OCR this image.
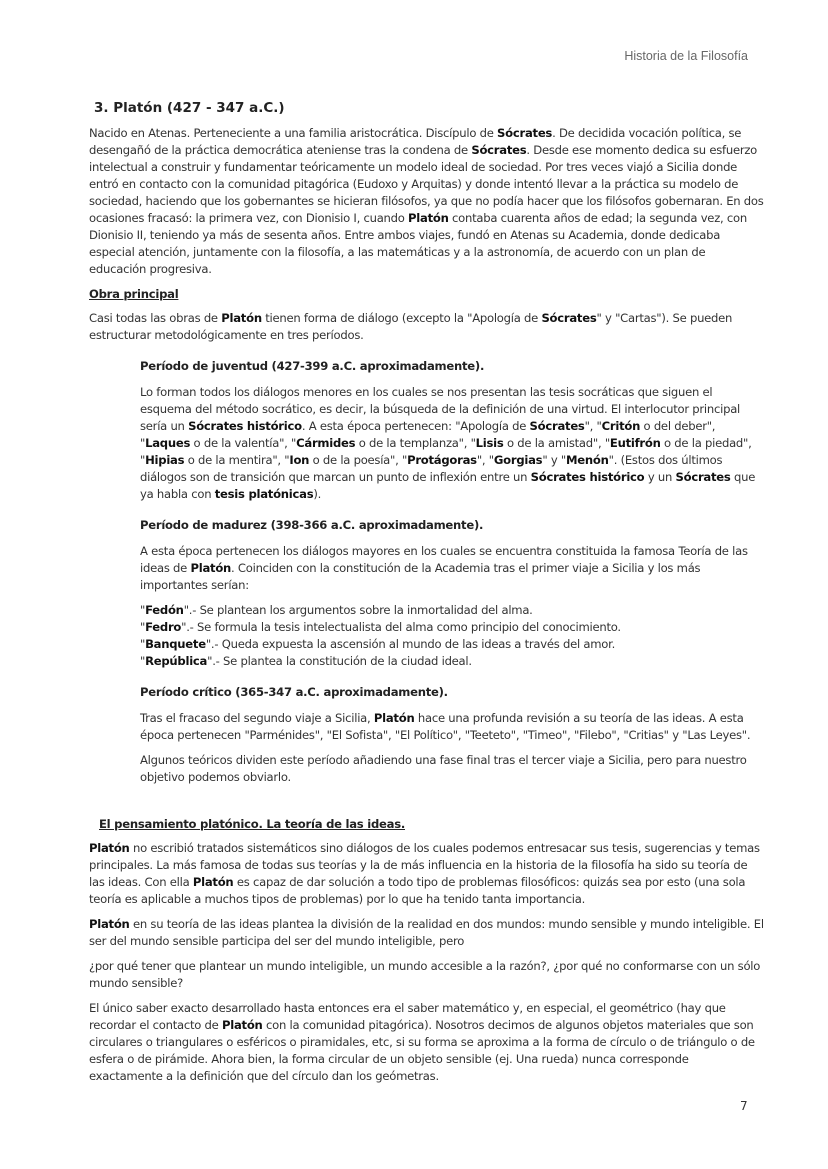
Historia de la Filosofía
3. Platón (427 - 347 a.C.)

Nacido en Atenas. Perteneciente a una familia aristocrática. Discípulo de Sócrates. De decidida vocación política, se desengañó de la práctica democrática ateniense tras la condena de Sócrates. Desde ese momento dedica su esfuerzo intelectual a construir y fundamentar teóricamente un modelo ideal de sociedad. Por tres veces viajó a Sicilia donde entró en contacto con la comunidad pitagórica (Eudoxo y Arquitas) y donde intentó llevar a la práctica su modelo de sociedad, haciendo que los gobernantes se hicieran filósofos, ya que no podía hacer que los filósofos gobernaran. En dos ocasiones fracasó: la primera vez, con Dionisio I, cuando Platón contaba cuarenta años de edad; la segunda vez, con Dionisio II, teniendo ya más de sesenta años. Entre ambos viajes, fundó en Atenas su Academia, donde dedicaba especial atención, juntamente con la filosofía, a las matemáticas y a la astronomía, de acuerdo con un plan de educación progresiva.

Obra principal

Casi todas las obras de Platón tienen forma de diálogo (excepto la "Apología de Sócrates" y "Cartas"). Se pueden estructurar metodológicamente en tres períodos.

Período de juventud (427-399 a.C. aproximadamente).

Lo forman todos los diálogos menores en los cuales se nos presentan las tesis socráticas que siguen el esquema del método socrático, es decir, la búsqueda de la definición de una virtud. El interlocutor principal sería un Sócrates histórico. A esta época pertenecen: "Apología de Sócrates", "Critón o del deber", "Laques o de la valentía", "Cármides o de la templanza", "Lisis o de la amistad", "Eutifrón o de la piedad", "Hipias o de la mentira", "Ion o de la poesía", "Protágoras", "Gorgias" y "Menón". (Estos dos últimos diálogos son de transición que marcan un punto de inflexión entre un Sócrates histórico y un Sócrates que ya habla con tesis platónicas).

Período de madurez (398-366 a.C. aproximadamente).

A esta época pertenecen los diálogos mayores en los cuales se encuentra constituida la famosa Teoría de las ideas de Platón. Coinciden con la constitución de la Academia tras el primer viaje a Sicilia y los más importantes serían:

"Fedón".- Se plantean los argumentos sobre la inmortalidad del alma.

"Fedro".- Se formula la tesis intelectualista del alma como principio del conocimiento.

"Banquete".- Queda expuesta la ascensión al mundo de las ideas a través del amor.

"República".- Se plantea la constitución de la ciudad ideal.

Período crítico (365-347 a.C. aproximadamente).

Tras el fracaso del segundo viaje a Sicilia, Platón hace una profunda revisión a su teoría de las ideas. A esta época pertenecen "Parménides", "El Sofista", "El Político", "Teeteto", "Timeo", "Filebo", "Critias" y "Las Leyes".

Algunos teóricos dividen este período añadiendo una fase final tras el tercer viaje a Sicilia, pero para nuestro objetivo podemos obviarlo.

El pensamiento platónico. La teoría de las ideas.

Platón no escribió tratados sistemáticos sino diálogos de los cuales podemos entresacar sus tesis, sugerencias y temas principales. La más famosa de todas sus teorías y la de más influencia en la historia de la filosofía ha sido su teoría de las ideas. Con ella Platón es capaz de dar solución a todo tipo de problemas filosóficos: quizás sea por esto (una sola teoría es aplicable a muchos tipos de problemas) por lo que ha tenido tanta importancia.

Platón en su teoría de las ideas plantea la división de la realidad en dos mundos: mundo sensible y mundo inteligible. El ser del mundo sensible participa del ser del mundo inteligible, pero

¿por qué tener que plantear un mundo inteligible, un mundo accesible a la razón?, ¿por qué no conformarse con un sólo mundo sensible?

El único saber exacto desarrollado hasta entonces era el saber matemático y, en especial, el geométrico (hay que recordar el contacto de Platón con la comunidad pitagórica). Nosotros decimos de algunos objetos materiales que son circulares o triangulares o esféricos o piramidales, etc, si su forma se aproxima a la forma de círculo o de triángulo o de esfera o de pirámide. Ahora bien, la forma circular de un objeto sensible (ej. Una rueda) nunca corresponde exactamente a la definición que del círculo dan los geómetras.

7
